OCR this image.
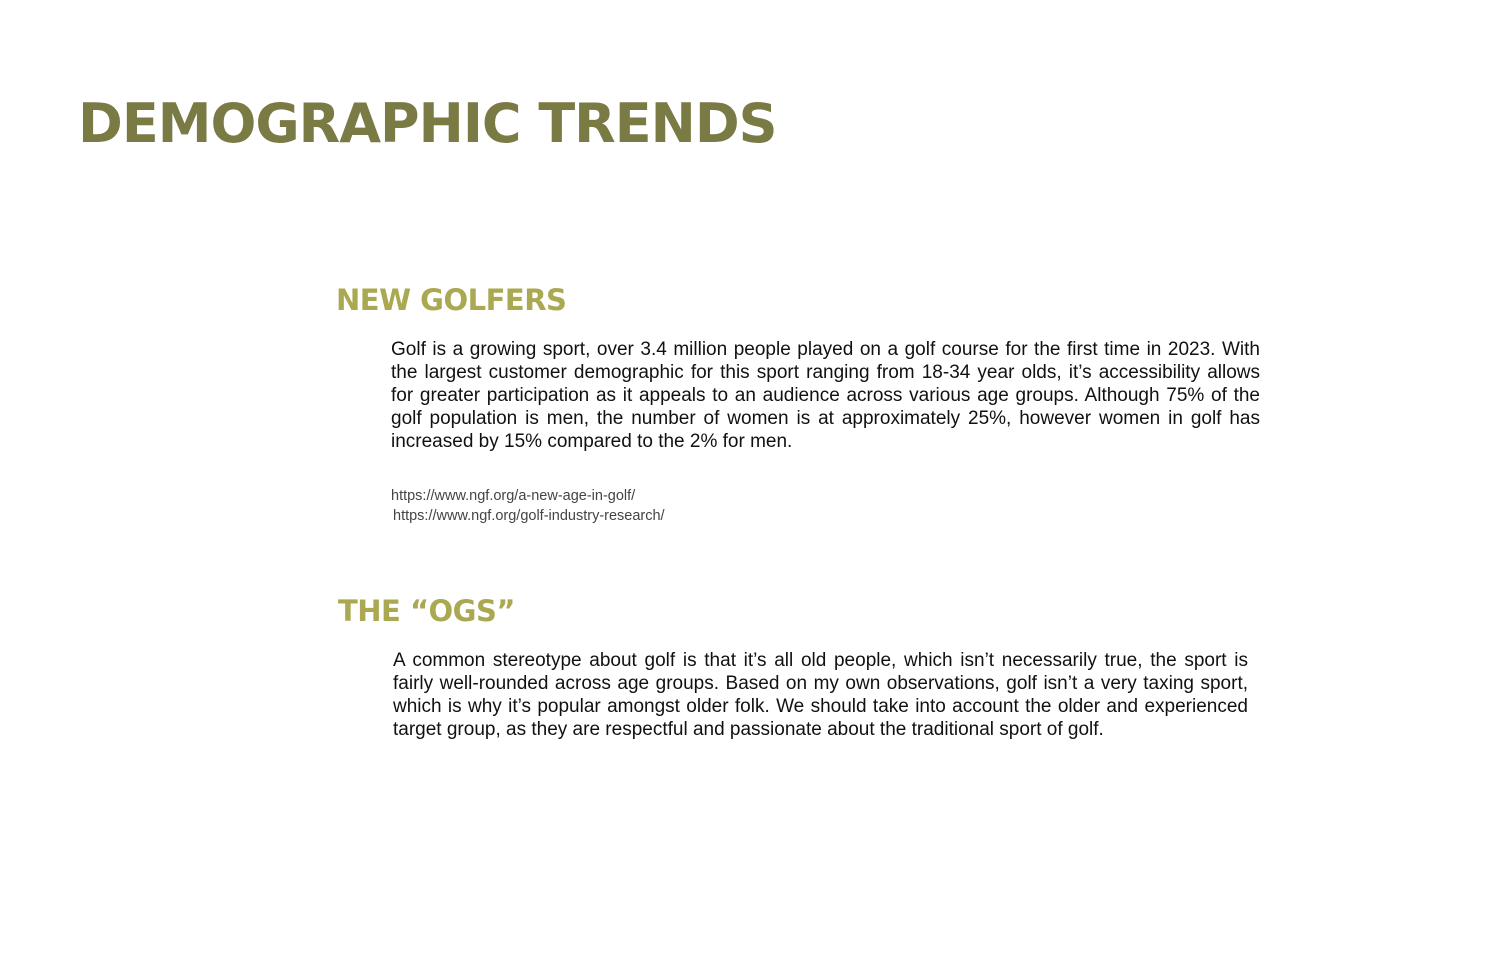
DEMOGRAPHIC TRENDS
NEW GOLFERS

Golf is a growing sport, over 3.4 million people played on a golf course for the first time in 2023. With the largest customer demographic for this sport ranging from 18-34 year olds, it’s accessibility allows for greater participation as it appeals to an audience across various age groups. Although 75% of the golf population is men, the number of women is at approximately 25%, however women in golf has increased by 15% compared to the 2% for men.

https://www.ngf.org/a-new-age-in-golf/
https://www.ngf.org/golf-industry-research/
THE “OGS”

A common stereotype about golf is that it’s all old people, which isn’t necessarily true, the sport is fairly well-rounded across age groups. Based on my own observations, golf isn’t a very taxing sport, which is why it’s popular amongst older folk. We should take into account the older and experienced target group, as they are respectful and passionate about the traditional sport of golf.
